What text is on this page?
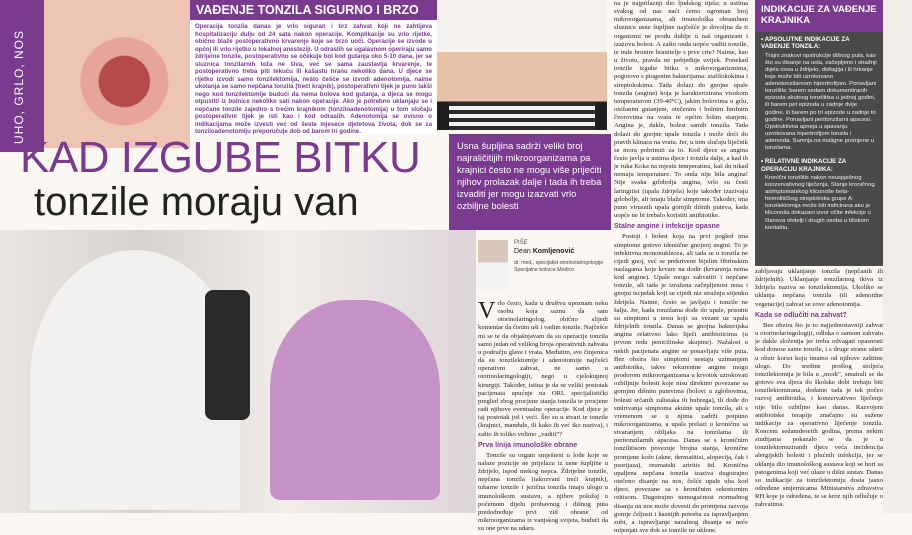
UHO, GRLO, NOS
VAĐENJE TONZILA SIGURNO I BRZO
Operacija tonzila danas je vrlo siguran i brz zahvat koji ne zahtijeva hospitalizaciju dulju od 24 sata nakon operacije. Komplikacije su vrlo rijetke, obično blaže postoperativno krvarenje koje se brzo uoči. Operacije se izvode u općoj ili vrlo rijetko u lokalnoj anesteziji. U odraslih se ugalavnom operiraju samo ždrijelne tonzile, postoperativno se očekuje bol kod gutanja oko 5-10 dana, jer se sluznica tonzilarnih loža ne šiva, već se sama zaustavlja krvarenje, te postoperativno treba piti tekuću ili kašastu hranu nekoliko dana. U djece se rijetko izvodi samo tonzilektomija, nešto češće se izvodi adenotomija, naime ukolanja se samo nepčana tonzila (treći krajnik), postoperativni tijek je puno lakši nego kod tonzilektomije budući da nema bolova kod gutanja, a djeca se mogu otpustiti iz bolnice nekoliko sati nakon operacije. Ako je potrebno uklanjaju se i nepčane tonzile zajedno s trećim krajnikom (tonziloadenotomija) u tom slučaju postoperativni tijek je isti kao i kod odraslih. Adenotomija se ovisno o indikacijama može izvesti već od šeste mjesece djetetova života, dok se za tonziloadenotomiju preporučuje dob od barem tri godine.
KAD IZGUBE BITKU
tonzile moraju van
Usna šupljina sadrži veliki broj najraličitijih mikroorganizama pa krajnici često ne mogu više prijećiti njihov prolazak dalje i tada ih treba izvaditi jer mogu izazvati vrlo ozbiljne bolesti
PIŠE
Dean Komljenović
dr. med., specijalist otorinolaringologije Specijalne bolnice Medico

Vrlo često, kada u društvu upoznam neku osobu koja saznu da sam otorinolaringolog, obično slijedi komentar da čistim uši i vadim tonzile. Najčešće mi se te da objašnjavam da su operacije tonzila samo jedan od velikog broja operativnih zahvata u području glave i vrata. Međutim, sve činjenica da su tonzilektomije i adenotomije najčešći operativni zahvat, ne samo u otorinolaringologiji, nego u cjelokupnoj kirurgiji. Također, istina je da se veliki postotak pacijenata upućuje na ORL specijalistički pregled zbog procjene stanja tonzila te procjene radi njihove eventualne operacije. Kod djece je taj postotak još i veći. Što su u stvari te tonzile (krajnici, mandule, ili kako ih već tko naziva), i zašto ih toliko volimo „vaditi”?

Prva linija imunološke obrane

Tonzile su organi smješteni u lođe koje se nalaze pozicije ne prijelazu iz usne šupljine u ždrijelo, ispod mekog nepca. Ždrijelne tonzile, nepčana tonzila (takozvani treći krajnik), tubarne tonzile i jezična tonzila imaju ulogu u imunološkom sustavu, a njihov položaj u početnom dijelu probavnog i dišnog puta predodređuje prvi zid obrane od mikroorganizama iz vanjskog svijeta, budući da su one prve na udaru.

na je najprilaznji dio ljudskog tijela; u ustima svakog od nas naći ćemo ogroman broj mikroorganizama, ali imunološka obrambeni sluznice usne šupljine najčešće je dovoljna da ti organizmi ne prođu dublje u naš organizam i izazovu bolest. A zašto onda uopće vaditi tonzile, te nule bronire branitelje s prve crte? Naime, kao u životu, pravda ne pobjeđuje uvijek. Ponekad tonzile izgube bitku s mikroorganizmima, pogotovo s piogenim bakterijama: stafilokokima i streptokokima. Tada dolazi do gnojne upale tonzila (angine) koja je karakterizirana visokom temperaturom (39-40°C), jakim bolovima u grlu, otežanim gutanjem, otečenim i bolnim limfnim čvorovima na vratu te općim lošim stanjem. Angina je, dakle, bolest samih tonzila. Tada dolazi do gnojne upale tonzila i može doći do pravih klinaca na vratu. Jer, u tom slučaju liječnik se mora pobrinuti za to. Kod djece se angina često javlja u ustima djece i tonzila dalje, a kad ih je ruka Koka na mjestu temperatura, kaš du nikad nemaju temperature. To onda nije bila angina! Nije svaka grlobolja angina, vrlo su česti laringitisi (upala ždrijela) koje također izazivaju grlobolje, ali imaju blaže simptome. Također, ima puno virusnih upala gornjih dišnih puteva, kada uopće ne bi trebalo koristiti antibiotike.

Stalne angine i infekcije opasne

Postoji i bolest koja na prvi pogled ima simptome gotovo identične gnojnoj angini. To je infektivna mononukleoza, ali tada se u tonzila ne cijedi gnoj, već se prekrivene bijelim fibrinskim naslagama koje krvare na dodir (krvarenja nema kod angine). Upale mogu zahvatiti i nepčane tonzile, ali tada je izražena začepljenost nosa i gnojni iscjedak koji se cijedi niz stražnju stijenku ždrijela. Naime, često se javljaju i tonzile ne šalju. Jer, kada tonzilama dođe do upale, prisutni su simptomi u nosu koji su vezani uz upalu ždrijelnih tonzila. Danas se gnojna bakterijska angina relativno lako liječi antibioticima (u prvom redu penicilinske skupine). Nažalost u nekih pacijenata angine se ponavljaju više puta. Bez obzira što simptomi nestaju uzimanjem antibiotika, takve rekurentne angine mogu prodorom mikroorganizama u krvotok uzrokovati ozbiljnije bolesti koje nisu direktno povezane sa gornjim dišnim putevima (bolovi u zglobovima, bolesti srčanih zalistaka ili bubrega), ili dođe do smirivanja simptoma akutne upale tonzila, ali s vremenom se u njima zadrži potpuno mikroorganizama, a upala prelazi u kroničnu sa stvaranjem ožiljaka na tonzilama ili peritonzilarnih apscesa. Danas se s kroničnim tonzilitisom povezuje brojna stanja, kronične promjene kože (akne, dermatitisi, alopecija, čak i psorijaza), reumatski artritis itd. Kronična upaljena nepčana tonzila izaziva dugotrajno otečeno disanje na nos, češće upale uha kod djece, povezane sa s kroničnim sekretornim otitisom. Dugotrajno nemogućnost normalnog disanja na nos može dovesti do promjena razvoja gornje čeljusti i kasnijih potreba za ispravljanjem zubi, a ispravljanje nazalnog disanja se neće mijenjati sve dok se tonzile ne uklone.

INDIKACIJE ZA VAĐENJE KRAJNIKA
• APSOLUTNE INDIKACIJE ZA VAĐENJE TONZILA:
Trajni znakovi opstrukcije dišnog puta, kao što su disanje na usta, začepljeno i stražnji dijela nosa u ždrijelo, disfagija i ili hrkanje koje može biti uzrokovano adenotonzilarnom hipertrofijom. Ponavljani tonzilitis: barem sedam dokumentiranih epizoda akutnog tonzilitisa u jednoj godini, ili barem pet epizoda u zadnje dvije godine, ili barem po tri epizode u zadnje tri godine. Ponavljani peritonzilarni apscesi. Opstruktivna apneja u spavanju uzrokovana hipertrofijom tonzila i adenoida. Sumnja na maligne promjene u tonzilama.
• RELATIVNE INDIKACIJE ZA OPERACIJU KRAJNIKA:
Kronični tonzilitis nakon neuspješnog konzervativnog liječenja. Stanje kroničnog asimptomatskog kliconoše beta-hemolitičkog streptokoka grupe A: tonzilektomija može biti indicirana ako je kliconoša dokazani izvor očite infekcije u članova obitelji i drugih osoba u bliskom kontaktu.

zabljavaju uklanjanje tonzila (nepčanih ili ždrijelnih). Uklanjanje tonzilarnog tkiva iz ždrijela naziva se tonzilektomija. Ukoliko se uklanja nepčana tonzila (ili adenoidne vegetacije) zahvat se zove adenotomija.

Kada se odlučiti na zahvat?

Bez obzira što je to najjednostavniji zahvat u otorinolaringologiji, odluka o samom zahvatu je dakle složenija jer treba odvagati opasnosti kod donose same tonzile, i s druge strane ušteti u obzir korist koju imamo od njihove zaštitne uloge. Do sredine prošlog stoljeća tonzilektomija je bila u „modi”, smatrali se da gotovo sva djeca do školske dobi trebaju biti tonzilektomirana, dodatno tada je tek počeo razvoj antibiotika, i konzervativno liječenje nije bilo ozbiljno kao danas. Razvojem antibiotske terapije značajno su sužene indikacije za operativno liječenje tonzila. Koncem sedamdesetih godina, prema nekim studijama pokazalo se da je u tonzilektomiziranih djece veća incidencija alergijskih bolesti i plućnih infekcija, jer se uklanja dio imunološkog sustava koji se bori sa patogenima koji već ulaze u dišni sustav. Danas su indikacije za tonzilektomiju dosta jasno određene smjernicama Ministarstva zdravstva RH koje je određena, te se kroz njih odlučuje o zahvatima.
